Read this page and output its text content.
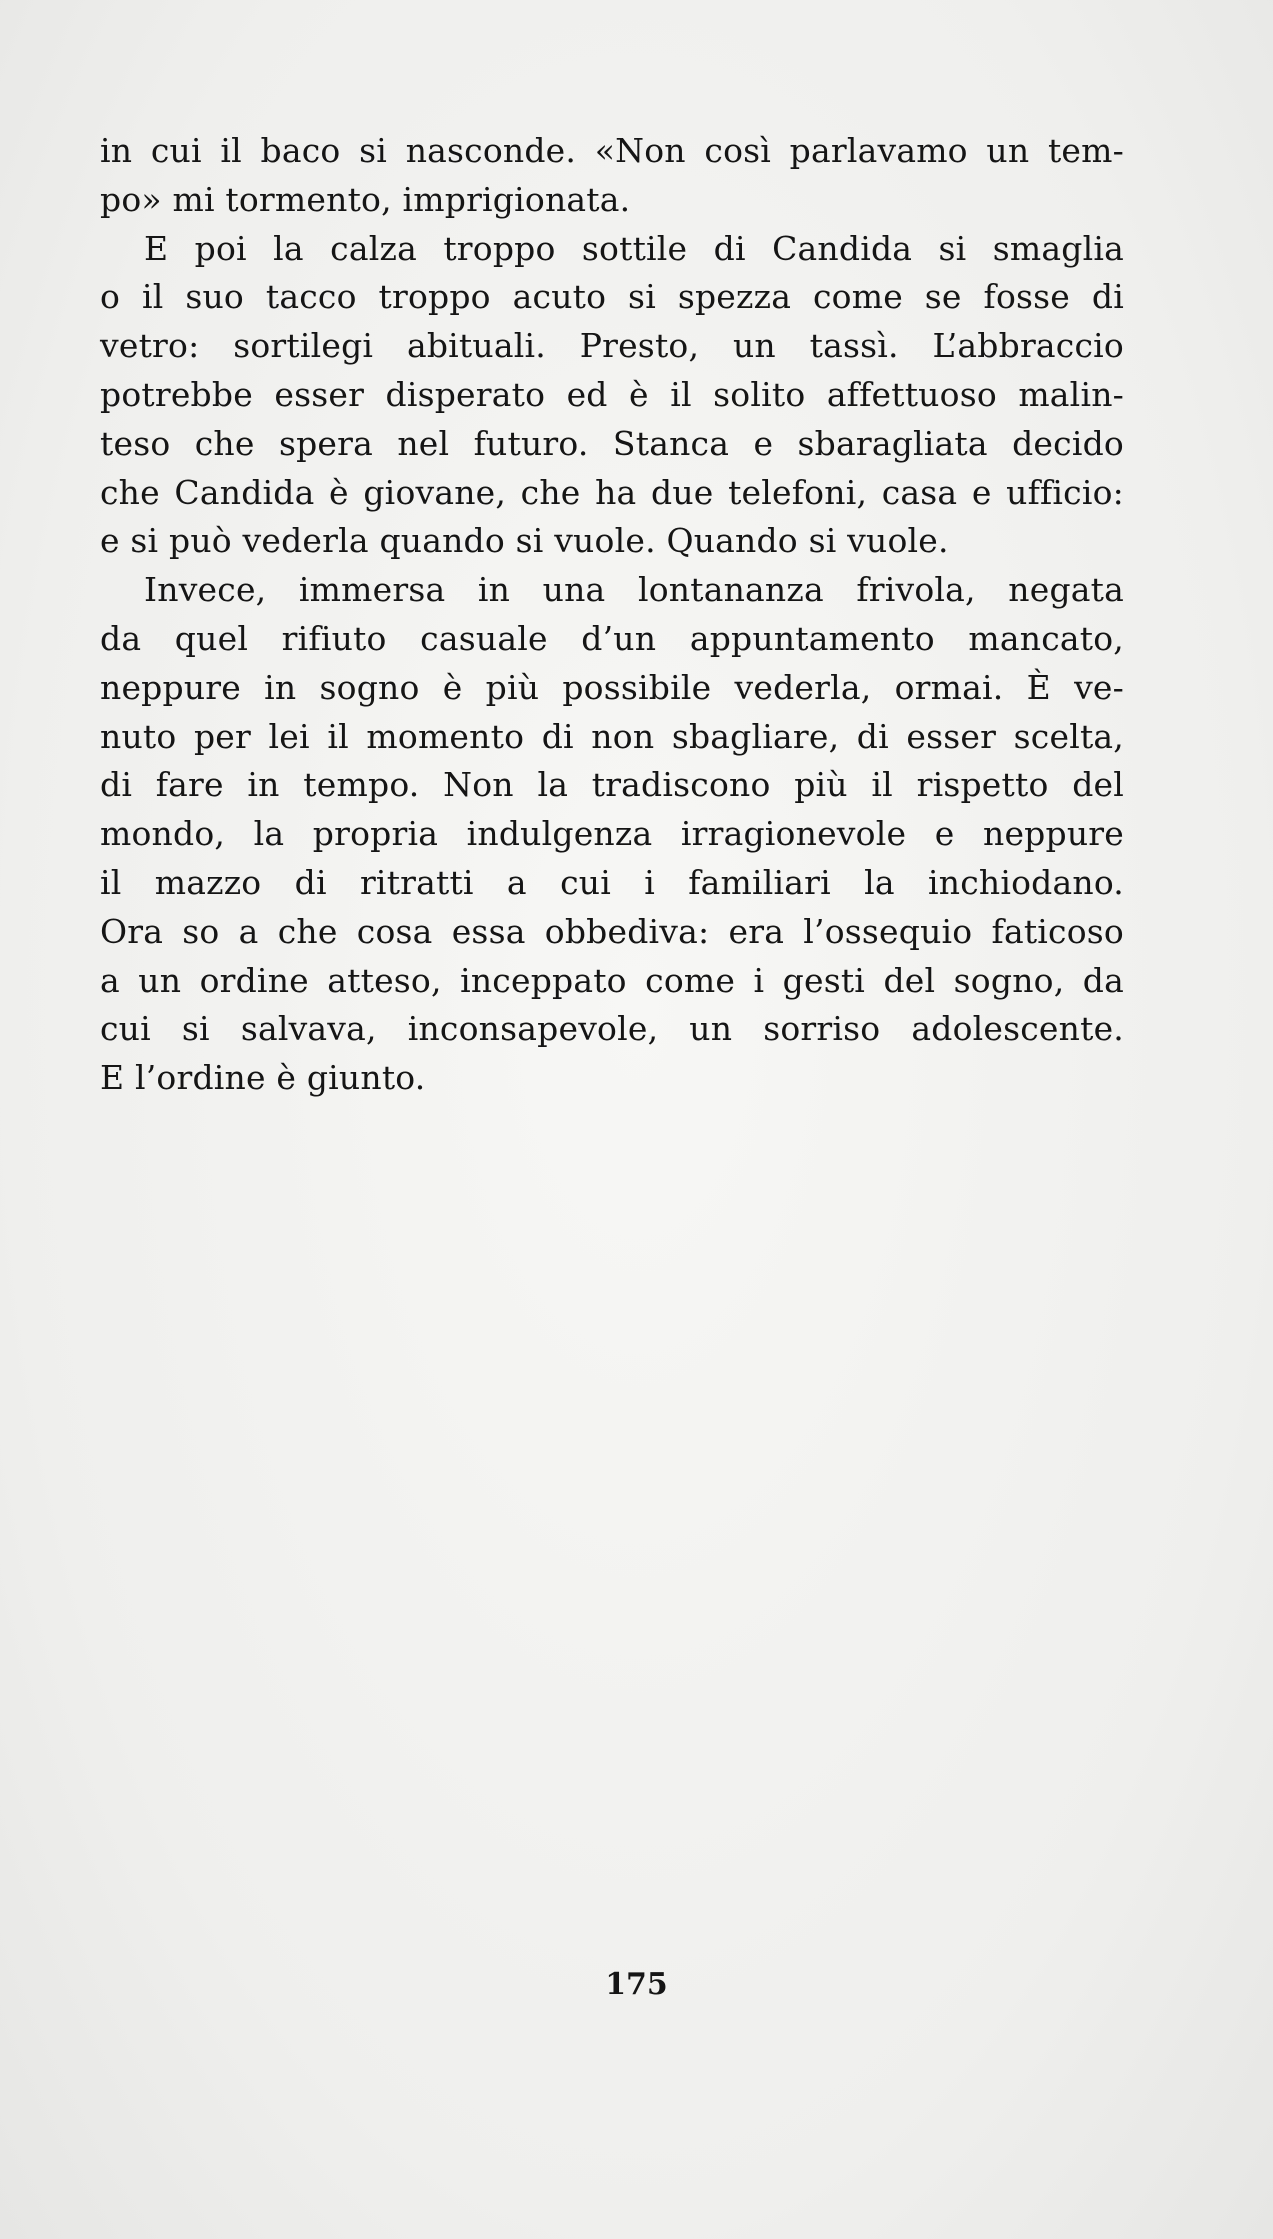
in cui il baco si nasconde. «Non così parlavamo un tem-
po» mi tormento, imprigionata.
E poi la calza troppo sottile di Candida si smaglia
o il suo tacco troppo acuto si spezza come se fosse di
vetro: sortilegi abituali. Presto, un tassì. L’abbraccio
potrebbe esser disperato ed è il solito affettuoso malin-
teso che spera nel futuro. Stanca e sbaragliata decido
che Candida è giovane, che ha due telefoni, casa e ufficio:
e si può vederla quando si vuole. Quando si vuole.
Invece, immersa in una lontananza frivola, negata
da quel rifiuto casuale d’un appuntamento mancato,
neppure in sogno è più possibile vederla, ormai. È ve-
nuto per lei il momento di non sbagliare, di esser scelta,
di fare in tempo. Non la tradiscono più il rispetto del
mondo, la propria indulgenza irragionevole e neppure
il mazzo di ritratti a cui i familiari la inchiodano.
Ora so a che cosa essa obbediva: era l’ossequio faticoso
a un ordine atteso, inceppato come i gesti del sogno, da
cui si salvava, inconsapevole, un sorriso adolescente.
E l’ordine è giunto.
175
